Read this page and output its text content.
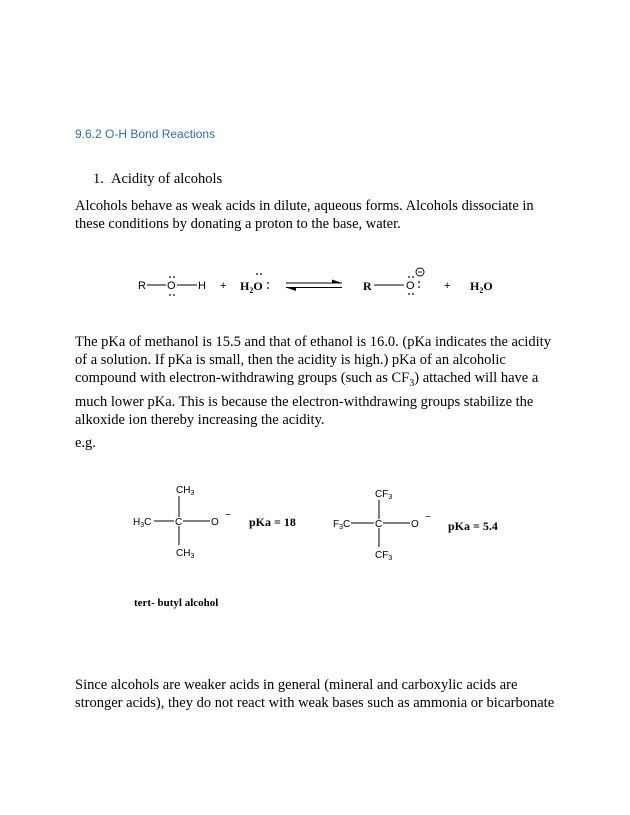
9.6.2 O-H Bond Reactions
1. Acidity of alcohols
Alcohols behave as weak acids in dilute, aqueous forms. Alcohols dissociate in
these conditions by donating a proton to the base, water.
R O $H + H_2O$	R	O	+ $H_2O$
The pKa of methanol is 15.5 and that of ethanol is 16.0. (pKa indicates the acidity
of a solution. If pKa is small, then the acidity is high.) pKa of an alcoholic
compound with electron-withdrawing groups (such as $CF_3$) attached will have a
much lower pKa. This is because the electron-withdrawing groups stabilize the
alkoxide ion thereby increasing the acidity.
e.g.
$CH_3$
$H_3C$ C	O
−
$CH_3$
pKa = 18
tert- butyl alcohol
$CF_3$
$F_3C$ C	O
−
$CF_3$
pKa = 5.4
Since alcohols are weaker acids in general (mineral and carboxylic acids are
stronger acids), they do not react with weak bases such as ammonia or bicarbonate
